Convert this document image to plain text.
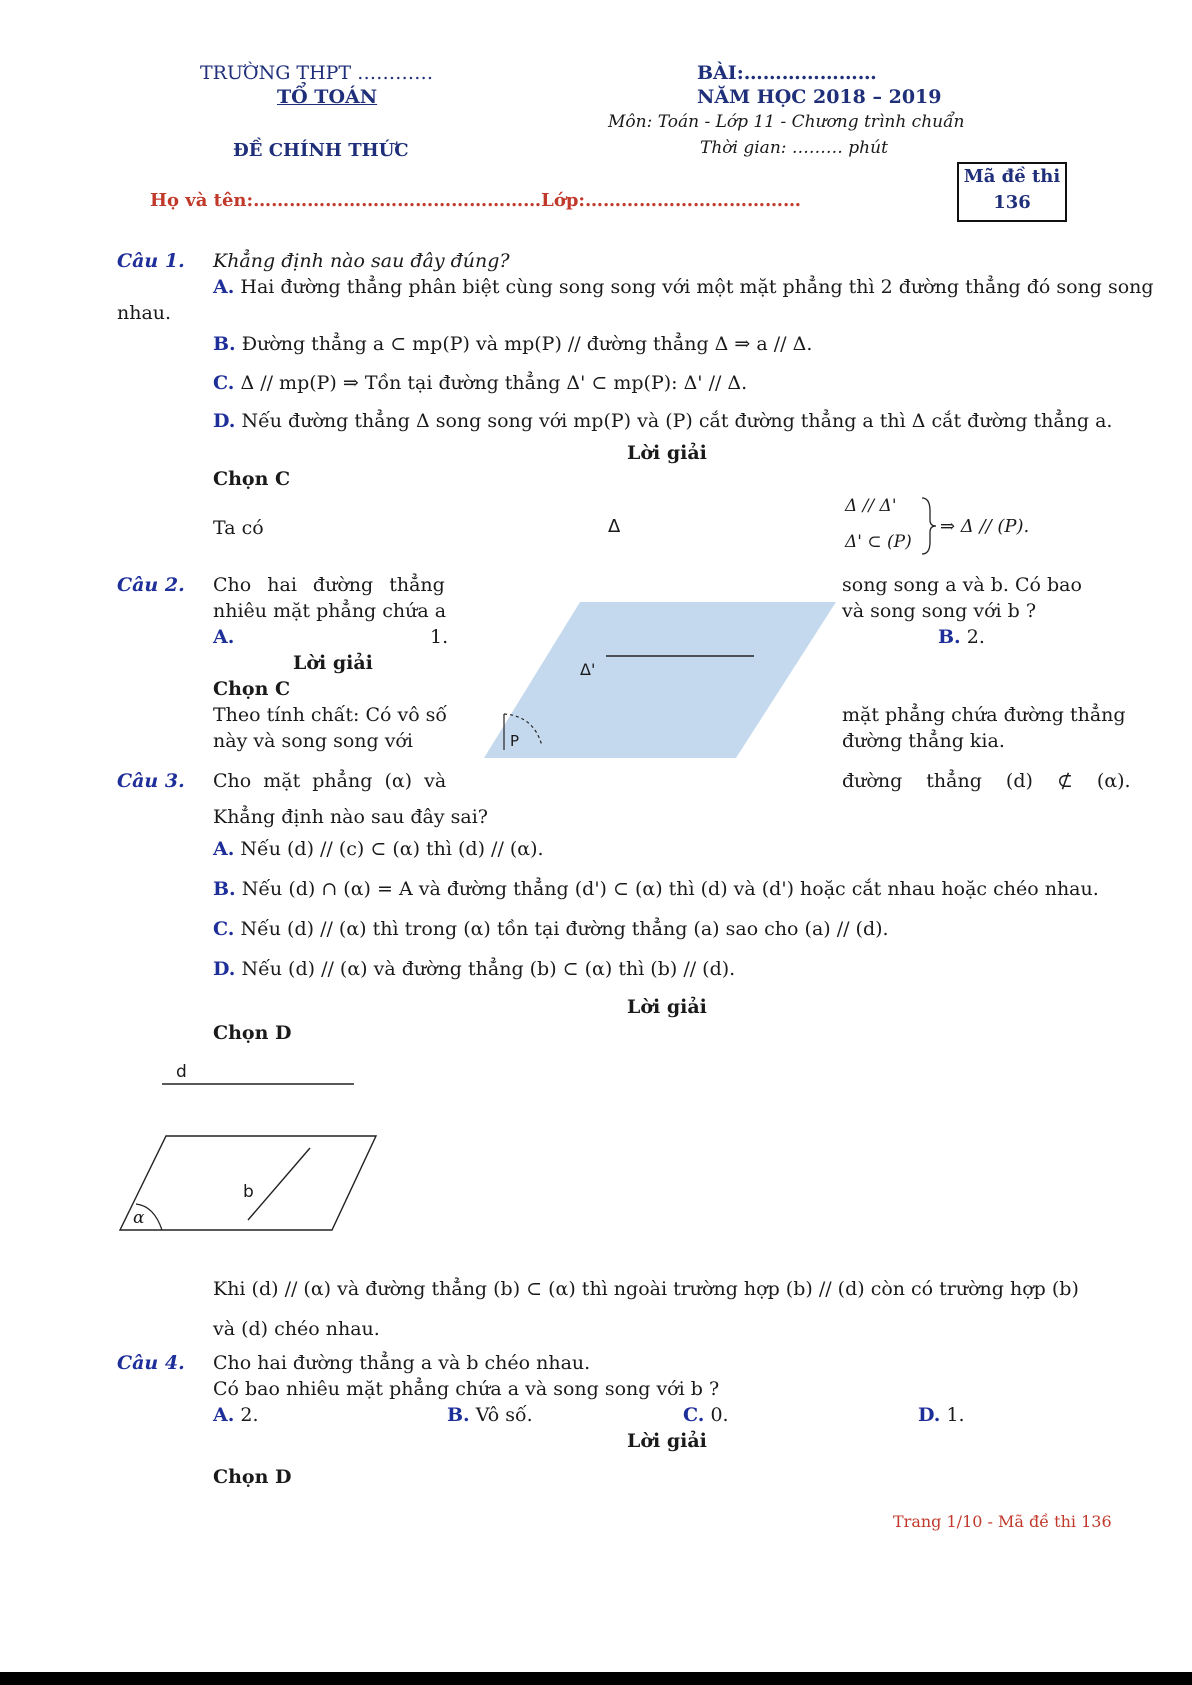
TRƯỜNG THPT …………
TỔ TOÁN
ĐỀ CHÍNH THỨC
BÀI:…………………
NĂM HỌC 2018 – 2019
Môn: Toán - Lớp 11 - Chương trình chuẩn
Thời gian: ……… phút
Mã đề thi
136
Họ và tên:…………………………………………Lớp:………………………………
Câu 1. Khẳng định nào sau đây đúng?
A. Hai đường thẳng phân biệt cùng song song với một mặt phẳng thì 2 đường thẳng đó song song
nhau.
B. Đường thẳng a ⊂ mp(P) và mp(P) // đường thẳng Δ ⇒ a // Δ.
C. Δ // mp(P) ⇒ Tồn tại đường thẳng Δ' ⊂ mp(P): Δ' // Δ.
D. Nếu đường thẳng Δ song song với mp(P) và (P) cắt đường thẳng a thì Δ cắt đường thẳng a.
Lời giải
Chọn C
Ta có
Δ // Δ'
Δ' ⊂ (P)
⇒ Δ // (P).
Δ
Δ'
P
Câu 2. Cho hai đường thẳng	song song a và b. Có bao
nhiêu mặt phẳng chứa a	và song song với b ?
A.	1.	B. 2.
Lời giải
Chọn C
Theo tính chất: Có vô số	mặt phẳng chứa đường thẳng
này và song song với	đường thẳng kia.
Câu 3. Cho mặt phẳng (α) và	đường thẳng (d) ⊄ (α).
Khẳng định nào sau đây sai?
A. Nếu (d) // (c) ⊂ (α) thì (d) // (α).
B. Nếu (d) ∩ (α) = A và đường thẳng (d') ⊂ (α) thì (d) và (d') hoặc cắt nhau hoặc chéo nhau.
C. Nếu (d) // (α) thì trong (α) tồn tại đường thẳng (a) sao cho (a) // (d).
D. Nếu (d) // (α) và đường thẳng (b) ⊂ (α) thì (b) // (d).
Lời giải
Chọn D
d
b
α
Khi (d) // (α) và đường thẳng (b) ⊂ (α) thì ngoài trường hợp (b) // (d) còn có trường hợp (b)
và (d) chéo nhau.
Câu 4. Cho hai đường thẳng a và b chéo nhau.
Có bao nhiêu mặt phẳng chứa a và song song với b ?
A. 2.	B. Vô số.	C. 0.	D. 1.
Lời giải
Chọn D
Trang 1/10 - Mã đề thi 136
